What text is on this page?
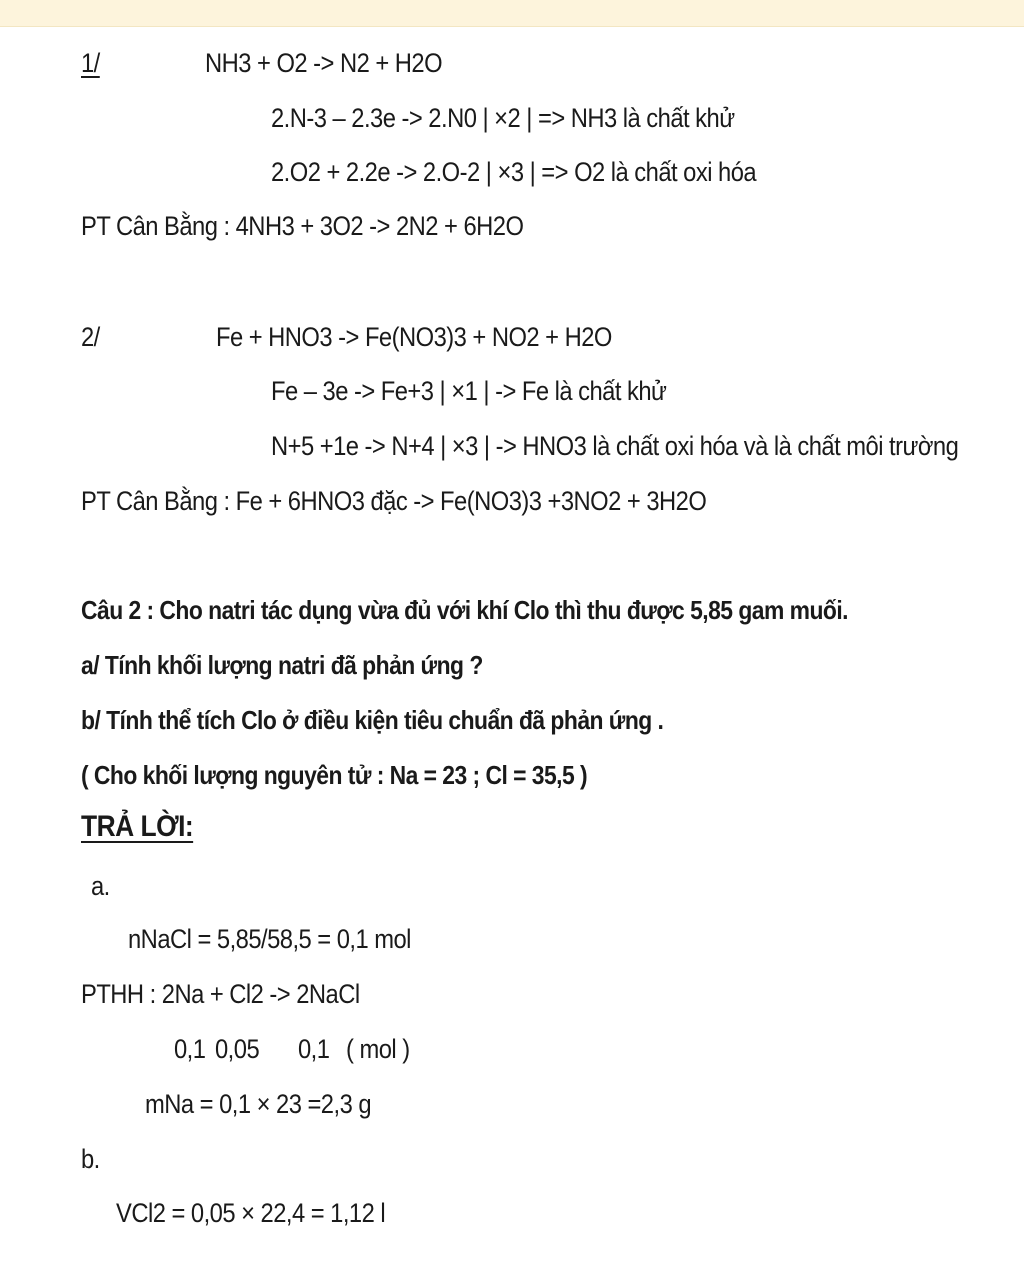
1/	NH3 + O2 -> N2 + H2O
2.N-3 – 2.3e -> 2.N0 | ×2 | => NH3 là chất khử
2.O2 + 2.2e -> 2.O-2 | ×3 | => O2 là chất oxi hóa
PT Cân Bằng : 4NH3 + 3O2 -> 2N2 + 6H2O
2/	Fe + HNO3 -> Fe(NO3)3 + NO2 + H2O
Fe – 3e -> Fe+3 | ×1 | -> Fe là chất khử
N+5 +1e -> N+4 | ×3 | -> HNO3 là chất oxi hóa và là chất môi trường
PT Cân Bằng : Fe + 6HNO3 đặc -> Fe(NO3)3 +3NO2 + 3H2O
Câu 2 : Cho natri tác dụng vừa đủ với khí Clo thì thu được 5,85 gam muối.
a/ Tính khối lượng natri đã phản ứng ?
b/ Tính thể tích Clo ở điều kiện tiêu chuẩn đã phản ứng .
( Cho khối lượng nguyên tử : Na = 23 ; Cl = 35,5 )
TRẢ LỜI:
a.
nNaCl = 5,85/58,5 = 0,1 mol
PTHH : 2Na + Cl2 -> 2NaCl
0,1 0,05 0,1 ( mol )
mNa = 0,1 × 23 =2,3 g
b.
VCl2 = 0,05 × 22,4 = 1,12 l
